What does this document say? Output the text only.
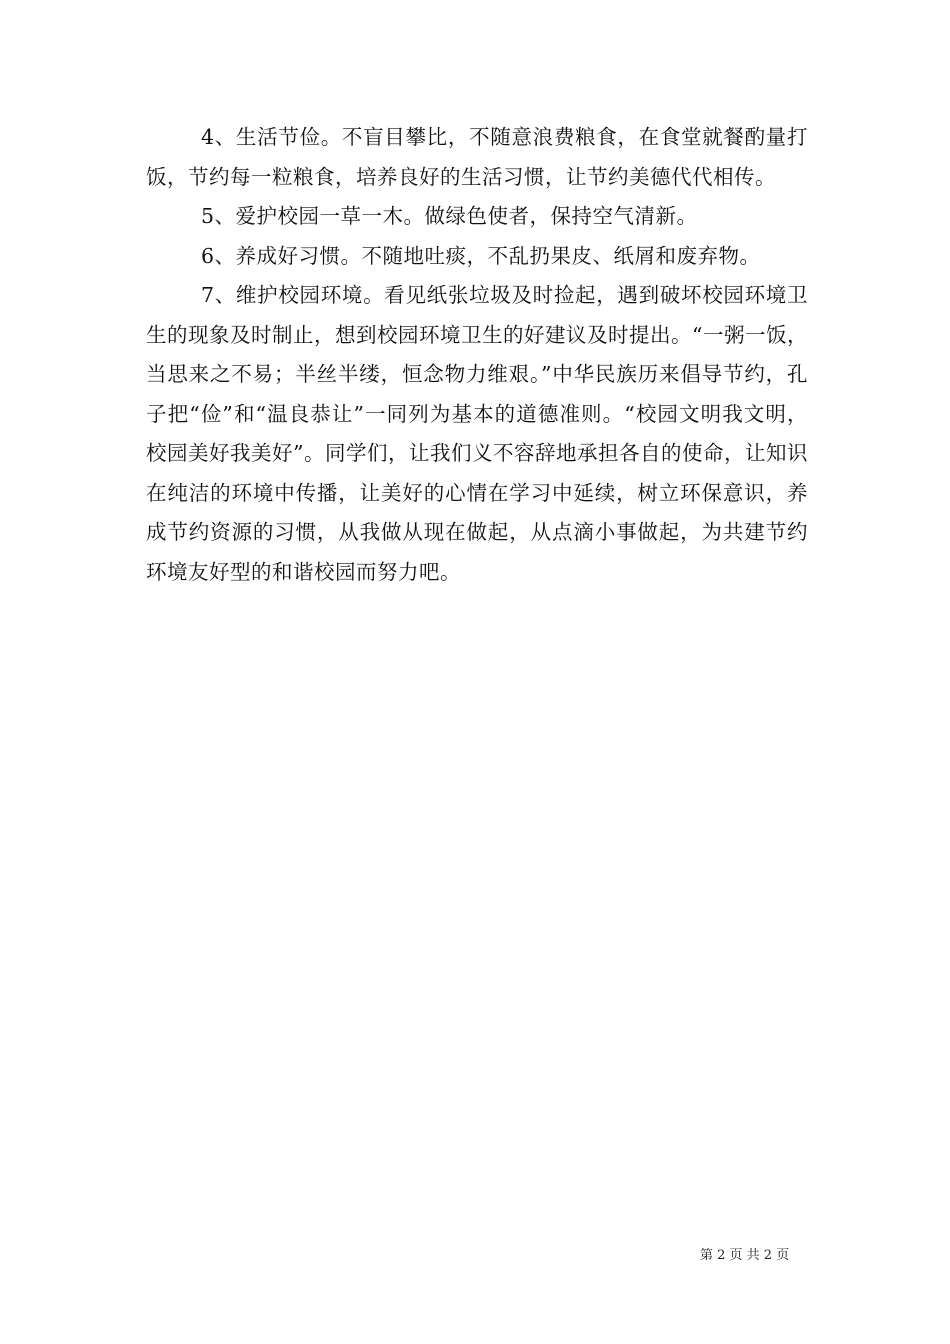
4、生活节俭。不盲目攀比，不随意浪费粮食，在食堂就餐酌量打饭，节约每一粒粮食，培养良好的生活习惯，让节约美德代代相传。

5、爱护校园一草一木。做绿色使者，保持空气清新。

6、养成好习惯。不随地吐痰，不乱扔果皮、纸屑和废弃物。

7、维护校园环境。看见纸张垃圾及时捡起，遇到破坏校园环境卫生的现象及时制止，想到校园环境卫生的好建议及时提出。“一粥一饭，当思来之不易；半丝半缕，恒念物力维艰。”中华民族历来倡导节约，孔子把“俭”和“温良恭让”一同列为基本的道德准则。“校园文明我文明，校园美好我美好”。同学们，让我们义不容辞地承担各自的使命，让知识在纯洁的环境中传播，让美好的心情在学习中延续，树立环保意识，养成节约资源的习惯，从我做从现在做起，从点滴小事做起，为共建节约环境友好型的和谐校园而努力吧。

第 2 页 共 2 页
